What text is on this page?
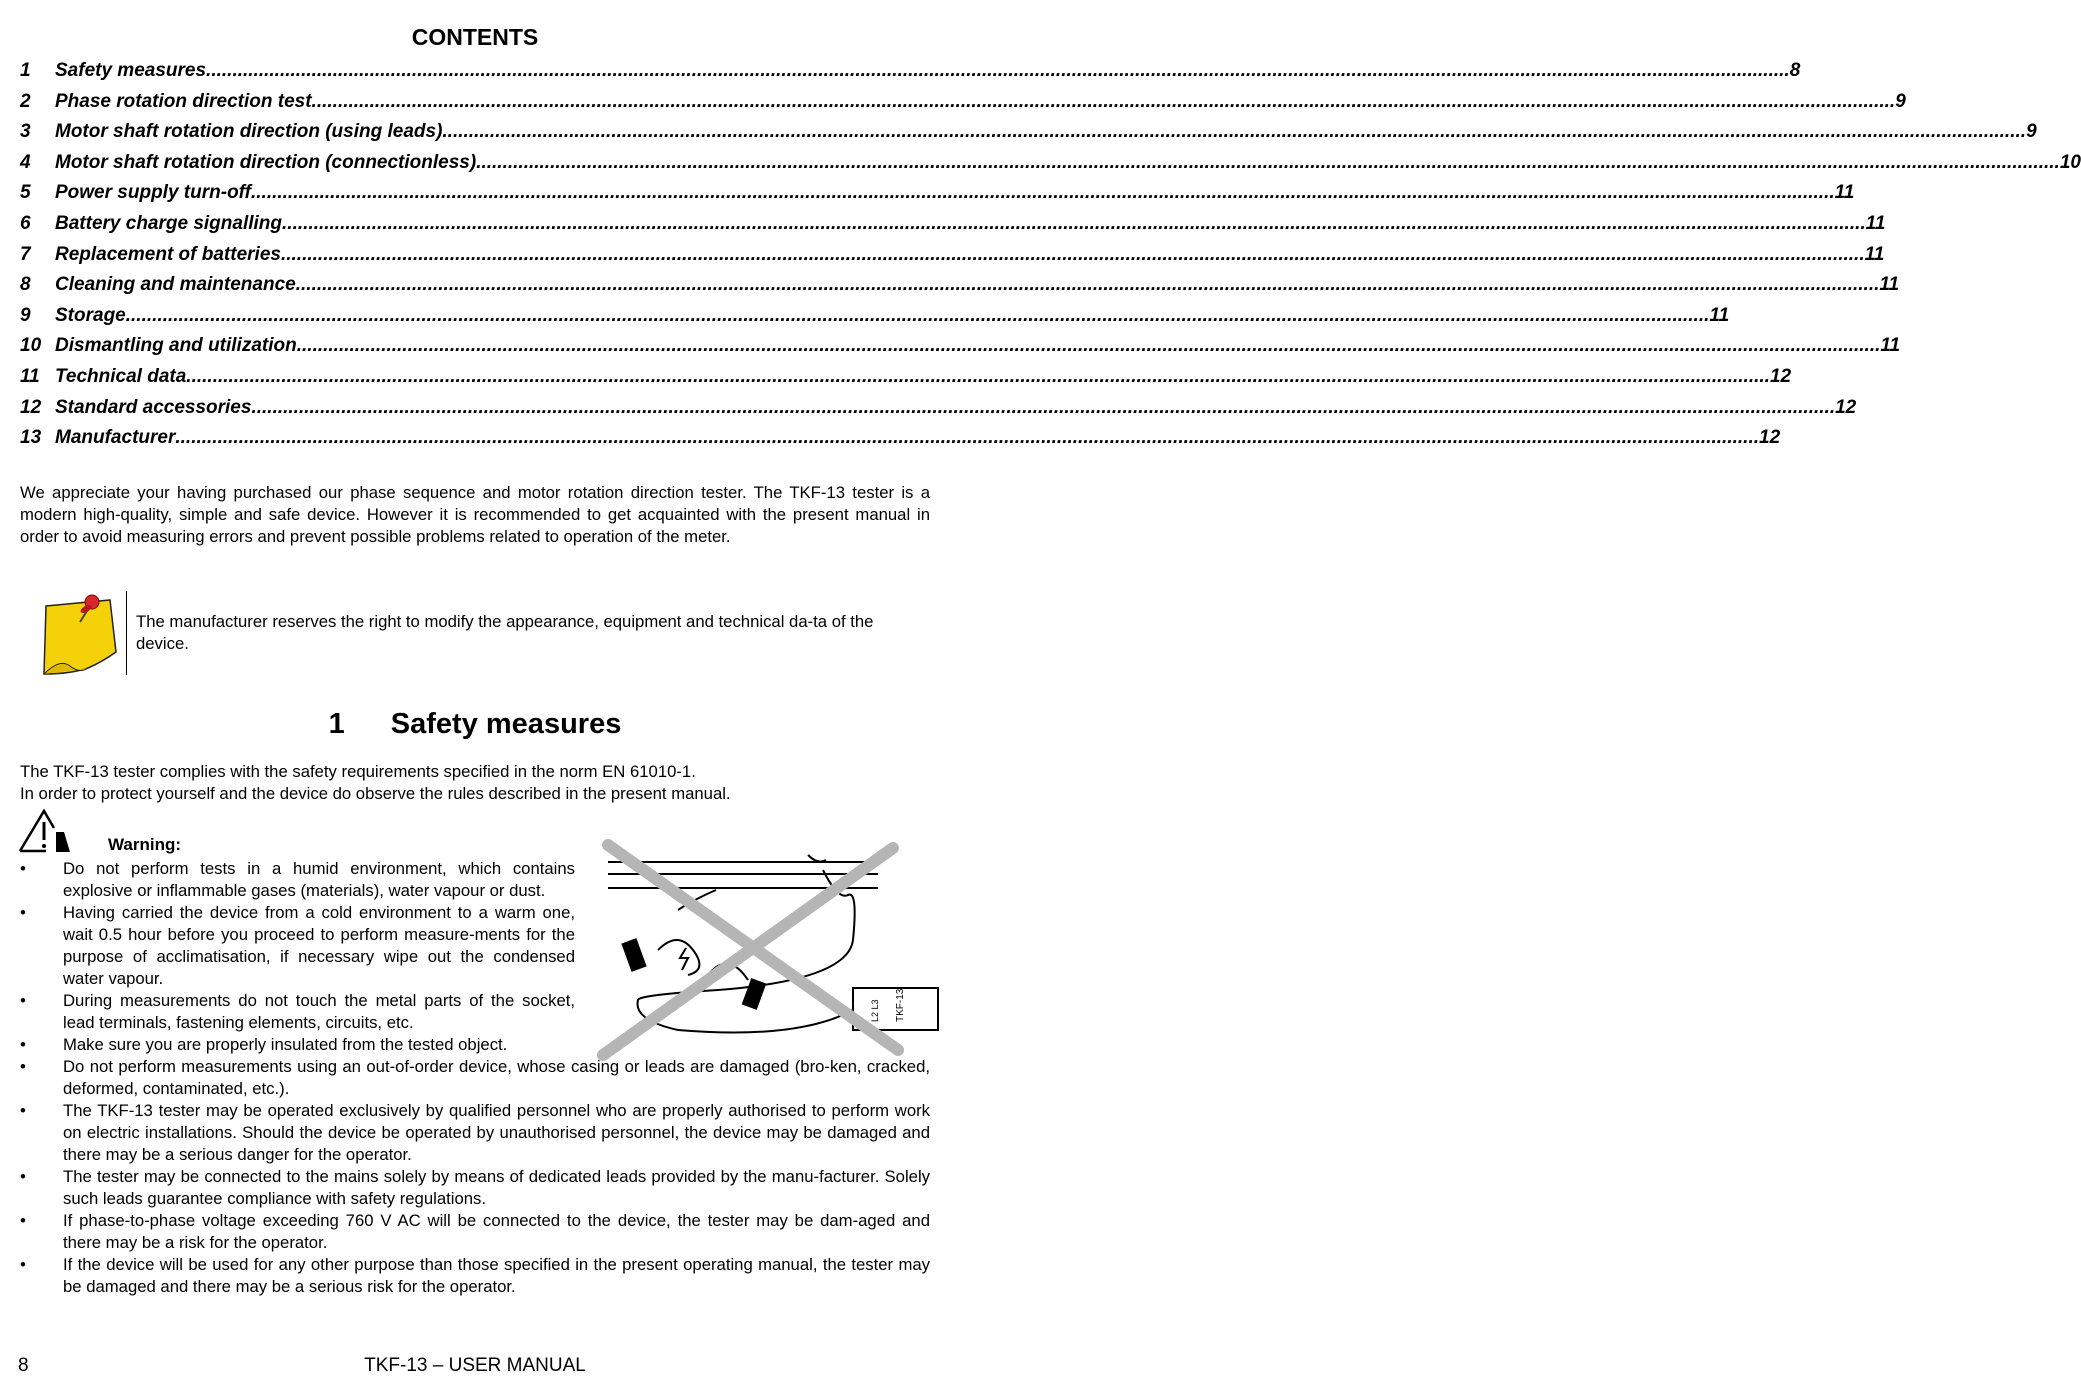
CONTENTS
1	Safety measures ............................................................................................................................................................................................................................................................................................................ 8
2	Phase rotation direction test ............................................................................................................................................................................................................................................................................................................ 9
3	Motor shaft rotation direction (using leads) ............................................................................................................................................................................................................................................................................................................ 9
4	Motor shaft rotation direction (connectionless) ............................................................................................................................................................................................................................................................................................................ 10
5	Power supply turn-off ............................................................................................................................................................................................................................................................................................................ 11
6	Battery charge signalling ............................................................................................................................................................................................................................................................................................................ 11
7	Replacement of batteries ............................................................................................................................................................................................................................................................................................................ 11
8	Cleaning and maintenance ............................................................................................................................................................................................................................................................................................................ 11
9	Storage ............................................................................................................................................................................................................................................................................................................ 11
10 Dismantling and utilization ............................................................................................................................................................................................................................................................................................................ 11
11 Technical data ............................................................................................................................................................................................................................................................................................................ 12
12 Standard accessories ............................................................................................................................................................................................................................................................................................................ 12
13 Manufacturer ............................................................................................................................................................................................................................................................................................................ 12
We appreciate your having purchased our phase sequence and motor rotation direction tester. The TKF-13 tester is a modern high-quality, simple and safe device. However it is recommended to get acquainted with the present manual in order to avoid measuring errors and prevent possible problems related to operation of the meter.
The manufacturer reserves the right to modify the appearance, equipment and technical da-ta of the device.
1 Safety measures
The TKF-13 tester complies with the safety requirements specified in the norm EN 61010-1.
In order to protect yourself and the device do observe the rules described in the present manual.
Warning:
TKF-13
L2 L3
• Do not perform tests in a humid environment, which contains explosive or inflammable gases (materials), water vapour or dust.
• Having carried the device from a cold environment to a warm one, wait 0.5 hour before you proceed to perform measure-ments for the purpose of acclimatisation, if necessary wipe out the condensed water vapour.
• During measurements do not touch the metal parts of the socket, lead terminals, fastening elements, circuits, etc.
• Make sure you are properly insulated from the tested object.
• Do not perform measurements using an out-of-order device, whose casing or leads are damaged (bro-ken, cracked, deformed, contaminated, etc.).
• The TKF-13 tester may be operated exclusively by qualified personnel who are properly authorised to perform work on electric installations. Should the device be operated by unauthorised personnel, the device may be damaged and there may be a serious danger for the operator.
• The tester may be connected to the mains solely by means of dedicated leads provided by the manu-facturer. Solely such leads guarantee compliance with safety regulations.
• If phase-to-phase voltage exceeding 760 V AC will be connected to the device, the tester may be dam-aged and there may be a risk for the operator.
• If the device will be used for any other purpose than those specified in the present operating manual, the tester may be damaged and there may be a serious risk for the operator.
8	TKF-13 – USER MANUAL
